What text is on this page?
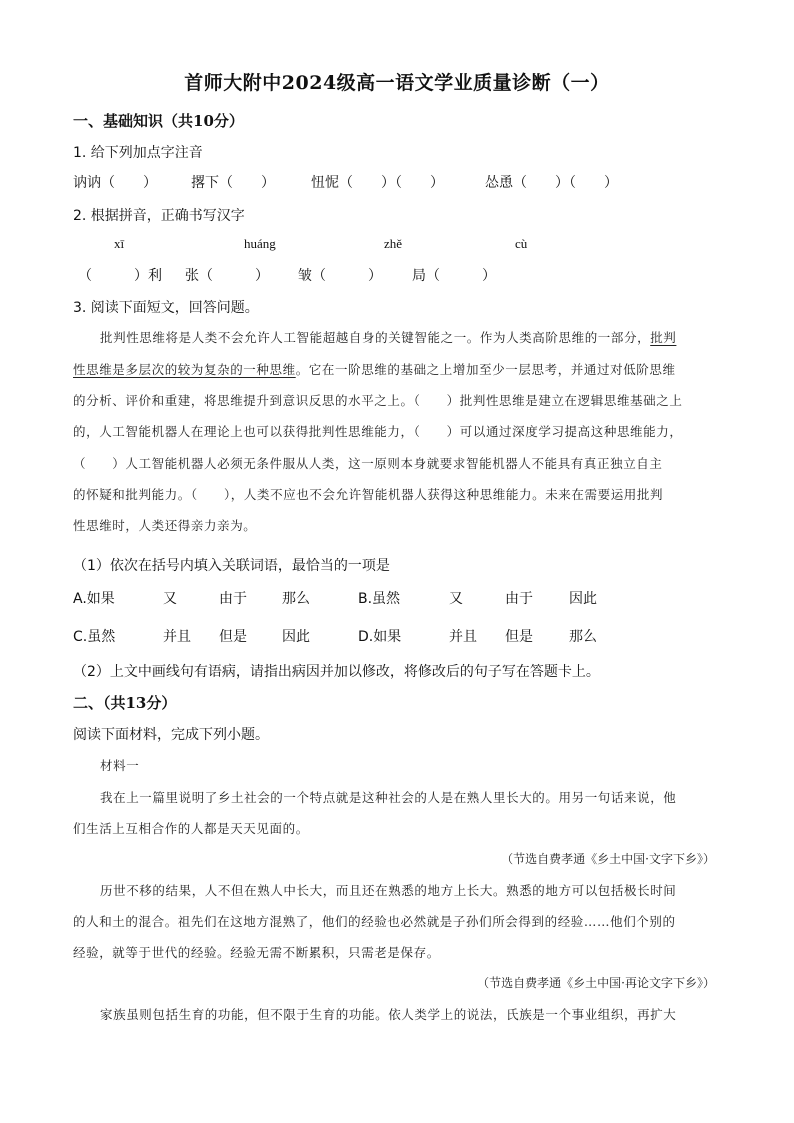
首师大附中2024级高一语文学业质量诊断（一）
一、基础知识（共10分）
1. 给下列加点字注音
讷讷（　　） 撂下（　　）	忸怩（　　）（　　）	怂恿（　　）（　　）
2. 根据拼音，正确书写汉字
xī	huáng	zhě	cù
（　　　）利 张（　　　） 皱（　　　） 局（　　　）
3. 阅读下面短文，回答问题。
批判性思维将是人类不会允许人工智能超越自身的关键智能之一。作为人类高阶思维的一部分，批判
性思维是多层次的较为复杂的一种思维。它在一阶思维的基础之上增加至少一层思考，并通过对低阶思维
的分析、评价和重建，将思维提升到意识反思的水平之上。（　　）批判性思维是建立在逻辑思维基础之上
的，人工智能机器人在理论上也可以获得批判性思维能力，（　　）可以通过深度学习提高这种思维能力，
（　　）人工智能机器人必须无条件服从人类，这一原则本身就要求智能机器人不能具有真正独立自主
的怀疑和批判能力。（　　），人类不应也不会允许智能机器人获得这种思维能力。未来在需要运用批判
性思维时，人类还得亲力亲为。
（1）依次在括号内填入关联词语，最恰当的一项是
A.如果	又	由于	那么	B.虽然	又	由于	因此
C.虽然	并且 但是	因此	D.如果	并且 但是	那么
（2）上文中画线句有语病，请指出病因并加以修改，将修改后的句子写在答题卡上。
二、（共13分）
阅读下面材料，完成下列小题。
材料一
我在上一篇里说明了乡土社会的一个特点就是这种社会的人是在熟人里长大的。用另一句话来说，他
们生活上互相合作的人都是天天见面的。
（节选自费孝通《乡土中国·文字下乡》）
历世不移的结果，人不但在熟人中长大，而且还在熟悉的地方上长大。熟悉的地方可以包括极长时间
的人和土的混合。祖先们在这地方混熟了，他们的经验也必然就是子孙们所会得到的经验……他们个别的
经验，就等于世代的经验。经验无需不断累积，只需老是保存。
（节选自费孝通《乡土中国·再论文字下乡》）
家族虽则包括生育的功能，但不限于生育的功能。依人类学上的说法，氏族是一个事业组织，再扩大
